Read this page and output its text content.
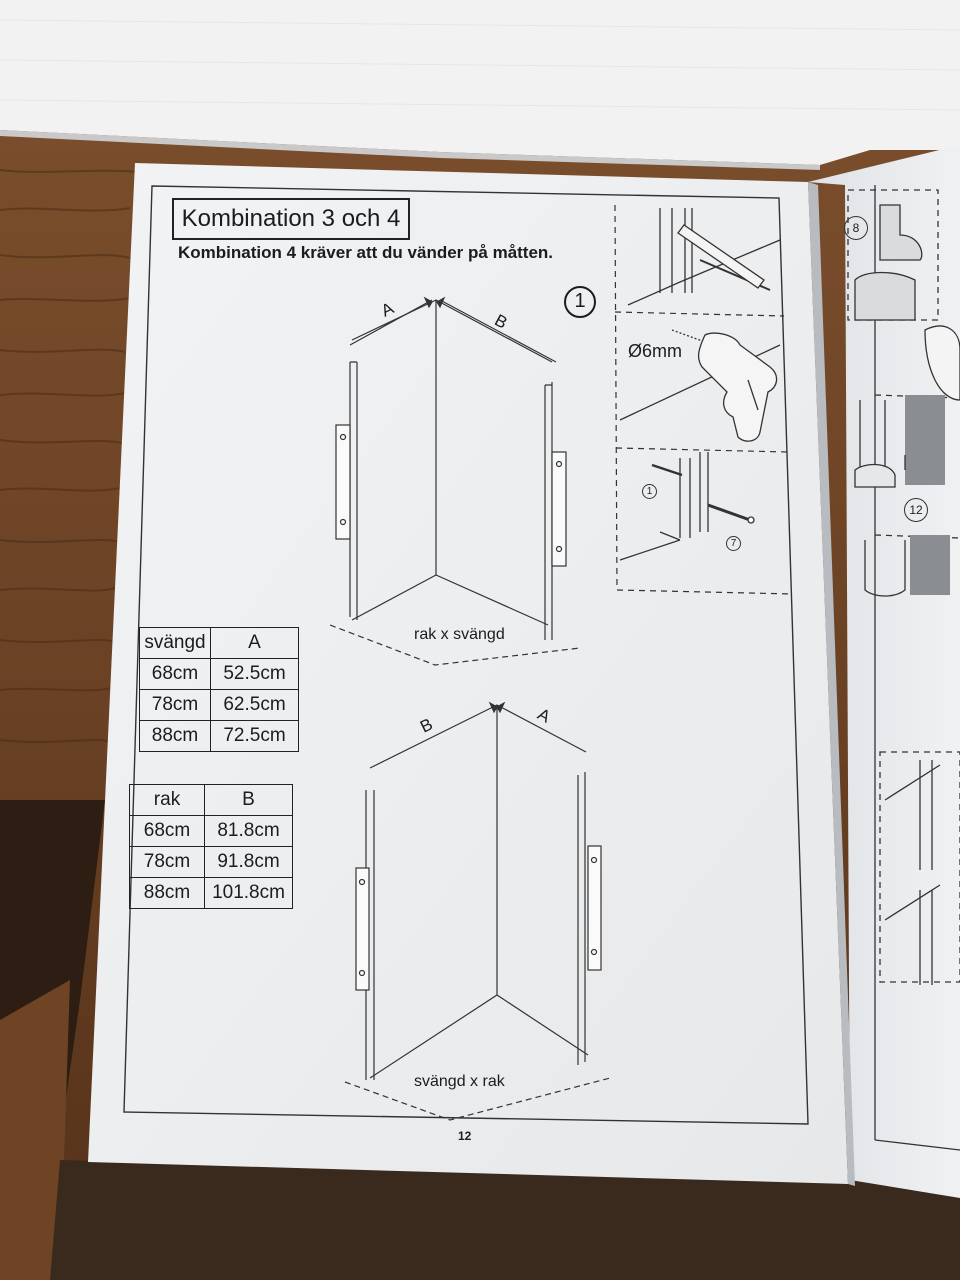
Kombination 3 och 4
Kombination 4 kräver att du vänder på måtten.
1
A
B
rak x svängd
B	A
svängd x rak
Ø6mm
1
7
8
12
12
svängd	A
68cm	52.5cm
78cm	62.5cm
88cm	72.5cm
rak	B
68cm	81.8cm
78cm	91.8cm
88cm	101.8cm
